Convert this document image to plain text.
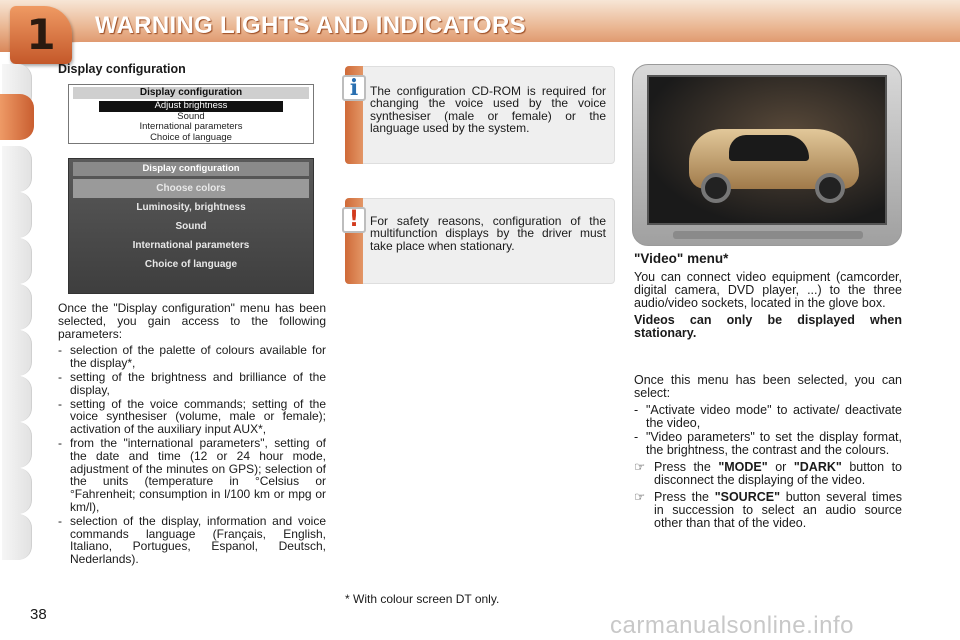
1	WARNING LIGHTS AND INDICATORS
Display configuration
Display configuration
Adjust brightness
Sound
International parameters
Choice of language
Display configuration
Choose colors
Luminosity, brightness
Sound
International parameters
Choice of language

Once the "Display configuration" menu has been selected, you gain access to the following parameters:

- selection of the palette of colours available for the display*,
- setting of the brightness and brilliance of the display,
- setting of the voice commands; setting of the voice synthesiser (volume, male or female); activation of the auxiliary input AUX*,
- from the "international parameters", setting of the date and time (12 or 24 hour mode, adjustment of the minutes on GPS); selection of the units (temperature in °Celsius or °Fahrenheit; consumption in l/100 km or mpg or km/l),
- selection of the display, information and voice commands language (Français, English, Italiano, Portugues, Espanol, Deutsch, Nederlands).
38
i The configuration CD-ROM is required for changing the voice used by the voice synthesiser (male or female) or the language used by the system.
! For safety reasons, configuration of the multifunction displays by the driver must take place when stationary.
* With colour screen DT only.
"Video" menu*

You can connect video equipment (camcorder, digital camera, DVD player, ...) to the three audio/video sockets, located in the glove box.

Videos can only be displayed when stationary.

Once this menu has been selected, you can select:

- "Activate video mode" to activate/ deactivate the video,
- "Video parameters" to set the display format, the brightness, the contrast and the colours.
☞ Press the "MODE" or "DARK" button to disconnect the displaying of the video.
☞ Press the "SOURCE" button several times in succession to select an audio source other than that of the video.
carmanualsonline.info
